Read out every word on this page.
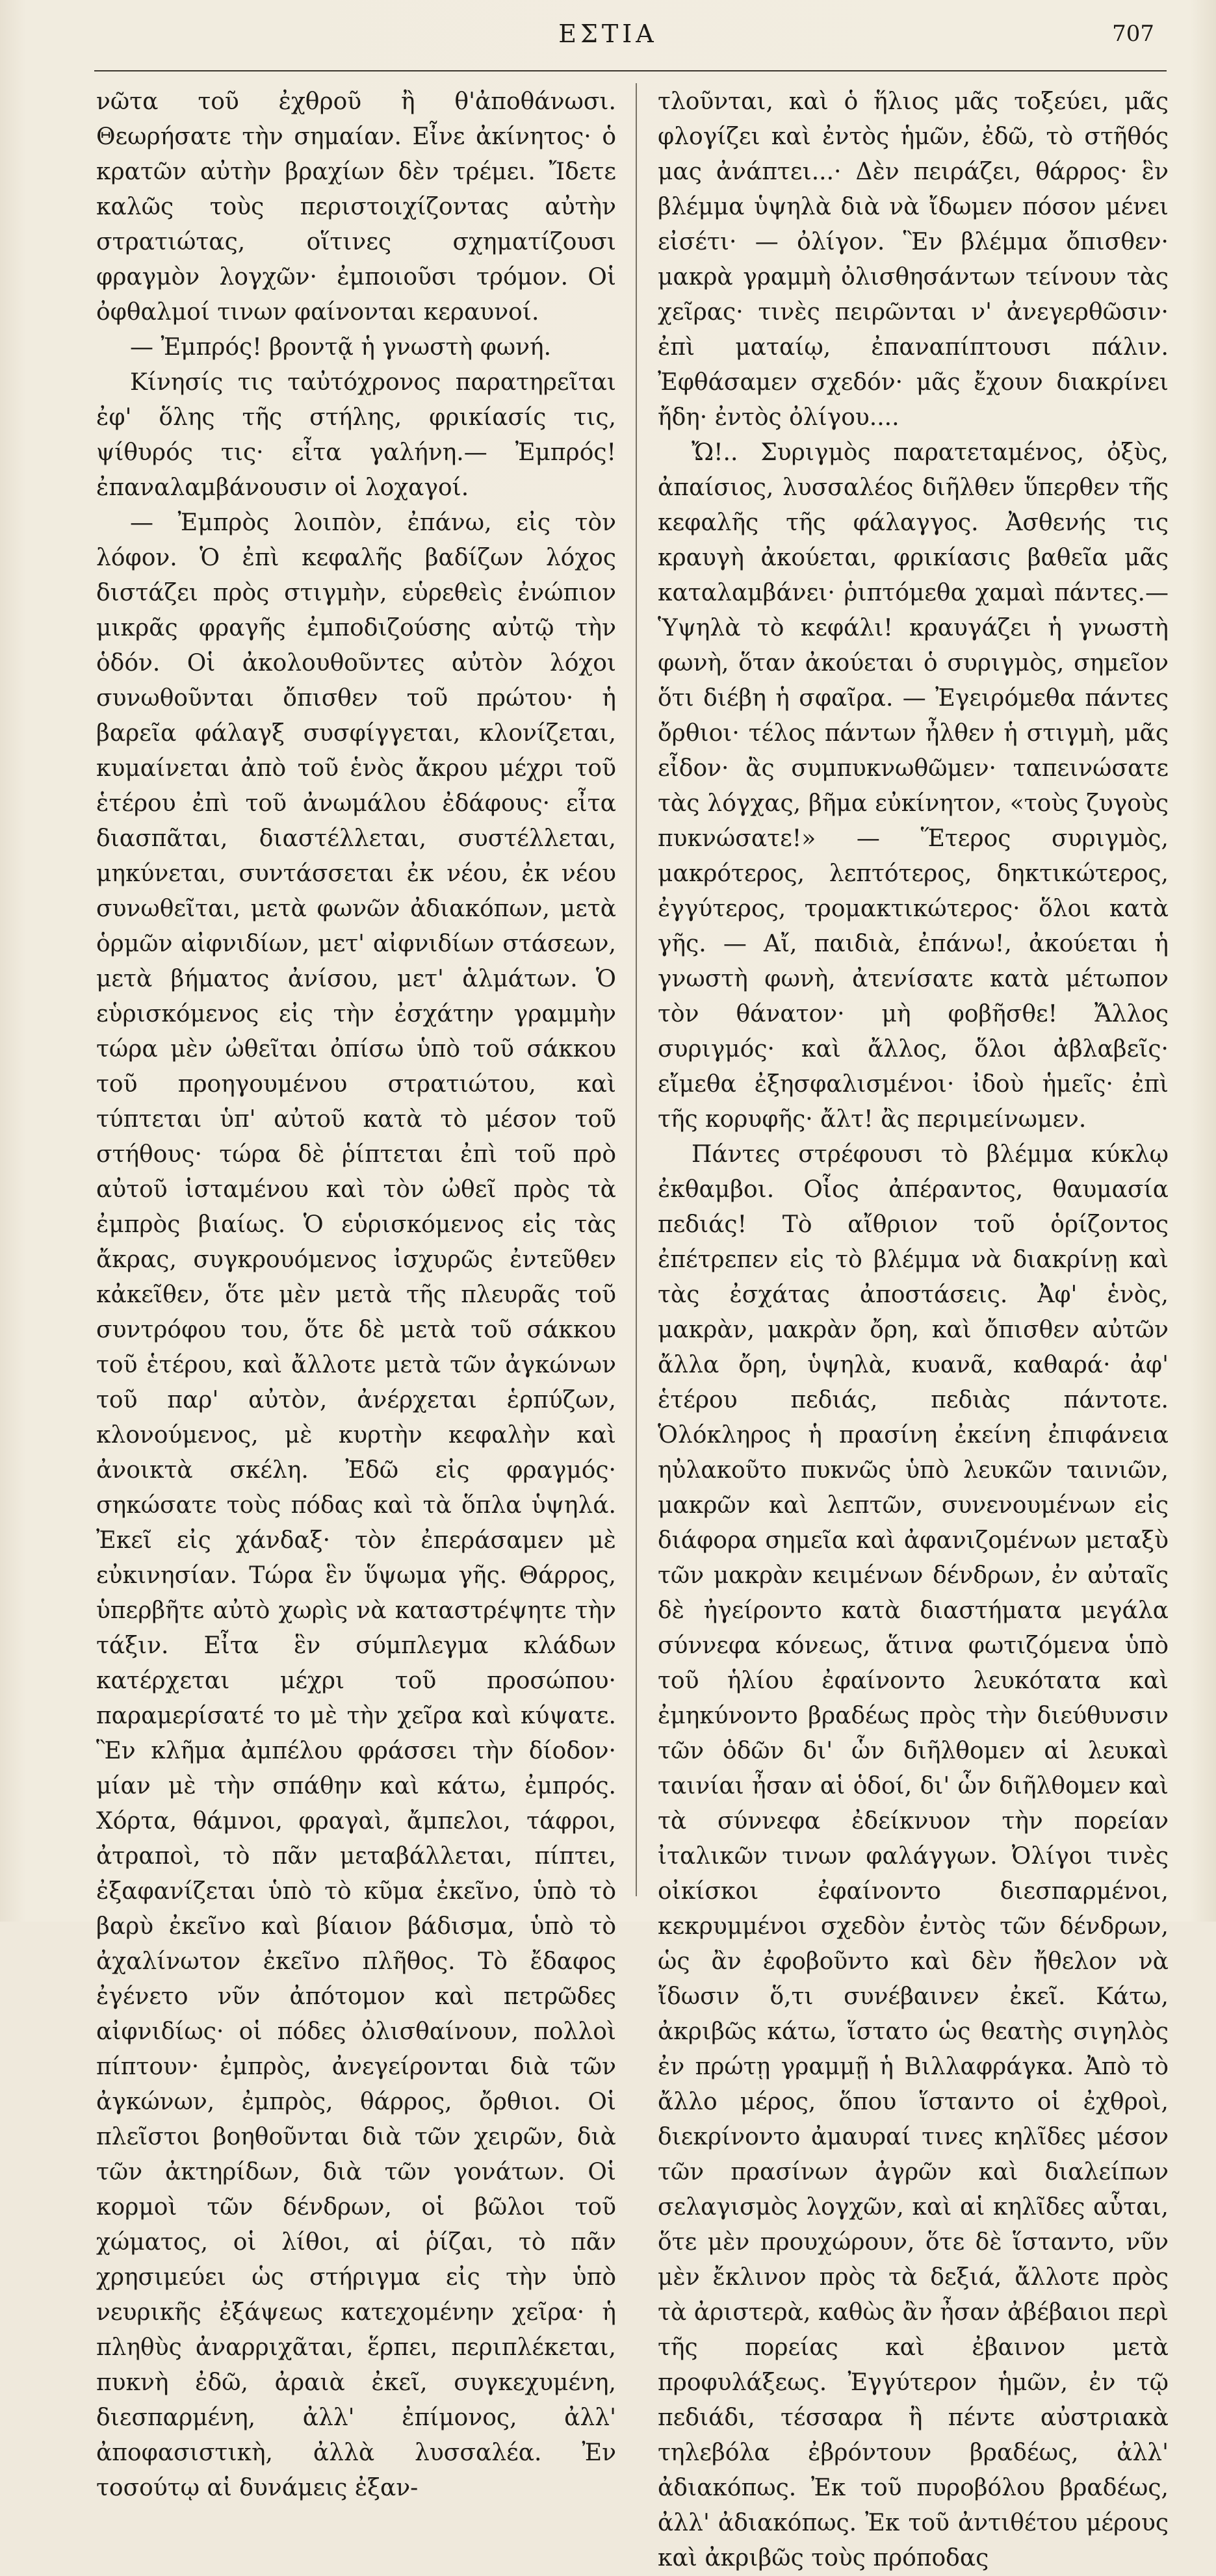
ΕΣΤΙΑ	707

νῶτα τοῦ ἐχθροῦ ἢ θ'ἀποθάνωσι. Θεωρήσατε τὴν σημαίαν. Εἶνε ἀκίνητος· ὁ κρατῶν αὐτὴν βραχίων δὲν τρέμει. Ἴδετε καλῶς τοὺς περιστοιχίζοντας αὐτὴν στρατιώτας, οἵτινες σχηματίζουσι φραγμὸν λογχῶν· ἐμποιοῦσι τρόμον. Οἱ ὀφθαλμοί τινων φαίνονται κεραυνοί.

— Ἐμπρός! βροντᾷ ἡ γνωστὴ φωνή.

Κίνησίς τις ταὐτόχρονος παρατηρεῖται ἐφ' ὅλης τῆς στήλης, φρικίασίς τις, ψίθυρός τις· εἶτα γαλήνη.— Ἐμπρός! ἐπαναλαμβάνουσιν οἱ λοχαγοί.

— Ἐμπρὸς λοιπὸν, ἐπάνω, εἰς τὸν λόφον. Ὁ ἐπὶ κεφαλῆς βαδίζων λόχος διστάζει πρὸς στιγμὴν, εὑρεθεὶς ἐνώπιον μικρᾶς φραγῆς ἐμποδιζούσης αὐτῷ τὴν ὁδόν. Οἱ ἀκολουθοῦντες αὐτὸν λόχοι συνωθοῦνται ὄπισθεν τοῦ πρώτου· ἡ βαρεῖα φάλαγξ συσφίγγεται, κλονίζεται, κυμαίνεται ἀπὸ τοῦ ἑνὸς ἄκρου μέχρι τοῦ ἑτέρου ἐπὶ τοῦ ἀνωμάλου ἐδάφους· εἶτα διασπᾶται, διαστέλλεται, συστέλλεται, μηκύνεται, συντάσσεται ἐκ νέου, ἐκ νέου συνωθεῖται, μετὰ φωνῶν ἀδιακόπων, μετὰ ὁρμῶν αἰφνιδίων, μετ' αἰφνιδίων στάσεων, μετὰ βήματος ἀνίσου, μετ' ἁλμάτων. Ὁ εὑρισκόμενος εἰς τὴν ἐσχάτην γραμμὴν τώρα μὲν ὠθεῖται ὀπίσω ὑπὸ τοῦ σάκκου τοῦ προηγουμένου στρατιώτου, καὶ τύπτεται ὑπ' αὐτοῦ κατὰ τὸ μέσον τοῦ στήθους· τώρα δὲ ῥίπτεται ἐπὶ τοῦ πρὸ αὐτοῦ ἱσταμένου καὶ τὸν ὠθεῖ πρὸς τὰ ἐμπρὸς βιαίως. Ὁ εὑρισκόμενος εἰς τὰς ἄκρας, συγκρουόμενος ἰσχυρῶς ἐντεῦθεν κἀκεῖθεν, ὅτε μὲν μετὰ τῆς πλευρᾶς τοῦ συντρόφου του, ὅτε δὲ μετὰ τοῦ σάκκου τοῦ ἑτέρου, καὶ ἄλλοτε μετὰ τῶν ἀγκώνων τοῦ παρ' αὐτὸν, ἀνέρχεται ἑρπύζων, κλονούμενος, μὲ κυρτὴν κεφαλὴν καὶ ἀνοικτὰ σκέλη. Ἐδῶ εἰς φραγμός· σηκώσατε τοὺς πόδας καὶ τὰ ὅπλα ὑψηλά. Ἐκεῖ εἰς χάνδαξ· τὸν ἐπεράσαμεν μὲ εὐκινησίαν. Τώρα ἓν ὕψωμα γῆς. Θάρρος, ὑπερβῆτε αὐτὸ χωρὶς νὰ καταστρέψητε τὴν τάξιν. Εἶτα ἓν σύμπλεγμα κλάδων κατέρχεται μέχρι τοῦ προσώπου· παραμερίσατέ το μὲ τὴν χεῖρα καὶ κύψατε. Ἓν κλῆμα ἀμπέλου φράσσει τὴν δίοδον· μίαν μὲ τὴν σπάθην καὶ κάτω, ἐμπρός. Χόρτα, θάμνοι, φραγαὶ, ἄμπελοι, τάφροι, ἀτραποὶ, τὸ πᾶν μεταβάλλεται, πίπτει, ἐξαφανίζεται ὑπὸ τὸ κῦμα ἐκεῖνο, ὑπὸ τὸ βαρὺ ἐκεῖνο καὶ βίαιον βάδισμα, ὑπὸ τὸ ἀχαλίνωτον ἐκεῖνο πλῆθος. Τὸ ἔδαφος ἐγένετο νῦν ἀπότομον καὶ πετρῶδες αἰφνιδίως· οἱ πόδες ὀλισθαίνουν, πολλοὶ πίπτουν· ἐμπρὸς, ἀνεγείρονται διὰ τῶν ἀγκώνων, ἐμπρὸς, θάρρος, ὄρθιοι. Οἱ πλεῖστοι βοηθοῦνται διὰ τῶν χειρῶν, διὰ τῶν ἀκτηρίδων, διὰ τῶν γονάτων. Οἱ κορμοὶ τῶν δένδρων, οἱ βῶλοι τοῦ χώματος, οἱ λίθοι, αἱ ῥίζαι, τὸ πᾶν χρησιμεύει ὡς στήριγμα εἰς τὴν ὑπὸ νευρικῆς ἐξάψεως κατεχομένην χεῖρα· ἡ πληθὺς ἀναρριχᾶται, ἕρπει, περιπλέκεται, πυκνὴ ἐδῶ, ἀραιὰ ἐκεῖ, συγκεχυμένη, διεσπαρμένη, ἀλλ' ἐπίμονος, ἀλλ' ἀποφασιστικὴ, ἀλλὰ λυσσαλέα. Ἐν τοσούτῳ αἱ δυνάμεις ἐξαν-

τλοῦνται, καὶ ὁ ἥλιος μᾶς τοξεύει, μᾶς φλογίζει καὶ ἐντὸς ἡμῶν, ἐδῶ, τὸ στῆθός μας ἀνάπτει...· Δὲν πειράζει, θάρρος· ἓν βλέμμα ὑψηλὰ διὰ νὰ ἴδωμεν πόσον μένει εἰσέτι· — ὀλίγον. Ἓν βλέμμα ὄπισθεν· μακρὰ γραμμὴ ὀλισθησάντων τείνουν τὰς χεῖρας· τινὲς πειρῶνται ν' ἀνεγερθῶσιν· ἐπὶ ματαίῳ, ἐπαναπίπτουσι πάλιν. Ἐφθάσαμεν σχεδόν· μᾶς ἔχουν διακρίνει ἤδη· ἐντὸς ὀλίγου....

Ὤ!.. Συριγμὸς παρατεταμένος, ὀξὺς, ἀπαίσιος, λυσσαλέος διῆλθεν ὕπερθεν τῆς κεφαλῆς τῆς φάλαγγος. Ἀσθενής τις κραυγὴ ἀκούεται, φρικίασις βαθεῖα μᾶς καταλαμβάνει· ῥιπτόμεθα χαμαὶ πάντες.— Ὑψηλὰ τὸ κεφάλι! κραυγάζει ἡ γνωστὴ φωνὴ, ὅταν ἀκούεται ὁ συριγμὸς, σημεῖον ὅτι διέβη ἡ σφαῖρα. — Ἐγειρόμεθα πάντες ὄρθιοι· τέλος πάντων ἦλθεν ἡ στιγμὴ, μᾶς εἶδον· ἂς συμπυκνωθῶμεν· ταπεινώσατε τὰς λόγχας, βῆμα εὐκίνητον, «τοὺς ζυγοὺς πυκνώσατε!» — Ἕτερος συριγμὸς, μακρότερος, λεπτότερος, δηκτικώτερος, ἐγγύτερος, τρομακτικώτερος· ὅλοι κατὰ γῆς. — Αἴ, παιδιὰ, ἐπάνω!, ἀκούεται ἡ γνωστὴ φωνὴ, ἀτενίσατε κατὰ μέτωπον τὸν θάνατον· μὴ φοβῆσθε! Ἄλλος συριγμός· καὶ ἄλλος, ὅλοι ἀβλαβεῖς· εἴμεθα ἐξησφαλισμένοι· ἰδοὺ ἡμεῖς· ἐπὶ τῆς κορυφῆς· ἄλτ! ἂς περιμείνωμεν.

Πάντες στρέφουσι τὸ βλέμμα κύκλῳ ἐκθαμβοι. Οἷος ἀπέραντος, θαυμασία πεδιάς! Τὸ αἴθριον τοῦ ὁρίζοντος ἐπέτρεπεν εἰς τὸ βλέμμα νὰ διακρίνῃ καὶ τὰς ἐσχάτας ἀποστάσεις. Ἀφ' ἑνὸς, μακρὰν, μακρὰν ὄρη, καὶ ὄπισθεν αὐτῶν ἄλλα ὄρη, ὑψηλὰ, κυανᾶ, καθαρά· ἀφ' ἑτέρου πεδιάς, πεδιὰς πάντοτε. Ὁλόκληρος ἡ πρασίνη ἐκείνη ἐπιφάνεια ηὐλακοῦτο πυκνῶς ὑπὸ λευκῶν ταινιῶν, μακρῶν καὶ λεπτῶν, συνενουμένων εἰς διάφορα σημεῖα καὶ ἀφανιζομένων μεταξὺ τῶν μακρὰν κειμένων δένδρων, ἐν αὐταῖς δὲ ἠγείροντο κατὰ διαστήματα μεγάλα σύννεφα κόνεως, ἅτινα φωτιζόμενα ὑπὸ τοῦ ἡλίου ἐφαίνοντο λευκότατα καὶ ἐμηκύνοντο βραδέως πρὸς τὴν διεύθυνσιν τῶν ὁδῶν δι' ὧν διῆλθομεν αἱ λευκαὶ ταινίαι ἦσαν αἱ ὁδοί, δι' ὧν διῆλθομεν καὶ τὰ σύννεφα ἐδείκνυον τὴν πορείαν ἰταλικῶν τινων φαλάγγων. Ὀλίγοι τινὲς οἰκίσκοι ἐφαίνοντο διεσπαρμένοι, κεκρυμμένοι σχεδὸν ἐντὸς τῶν δένδρων, ὡς ἂν ἐφοβοῦντο καὶ δὲν ἤθελον νὰ ἴδωσιν ὅ,τι συνέβαινεν ἐκεῖ. Κάτω, ἀκριβῶς κάτω, ἵστατο ὡς θεατὴς σιγηλὸς ἐν πρώτῃ γραμμῇ ἡ Βιλλαφράγκα. Ἀπὸ τὸ ἄλλο μέρος, ὅπου ἵσταντο οἱ ἐχθροὶ, διεκρίνοντο ἀμαυραί τινες κηλῖδες μέσον τῶν πρασίνων ἀγρῶν καὶ διαλείπων σελαγισμὸς λογχῶν, καὶ αἱ κηλῖδες αὗται, ὅτε μὲν προυχώρουν, ὅτε δὲ ἵσταντο, νῦν μὲν ἔκλινον πρὸς τὰ δεξιά, ἄλλοτε πρὸς τὰ ἀριστερὰ, καθὼς ἂν ἦσαν ἀβέβαιοι περὶ τῆς πορείας καὶ ἐβαινον μετὰ προφυλάξεως. Ἐγγύτερον ἡμῶν, ἐν τῷ πεδιάδι, τέσσαρα ἢ πέντε αὐστριακὰ τηλεβόλα ἐβρόντουν βραδέως, ἀλλ' ἀδιακόπως. Ἐκ τοῦ πυροβόλου βραδέως, ἀλλ' ἀδιακόπως. Ἐκ τοῦ ἀντιθέτου μέρους καὶ ἀκριβῶς τοὺς πρόποδας
